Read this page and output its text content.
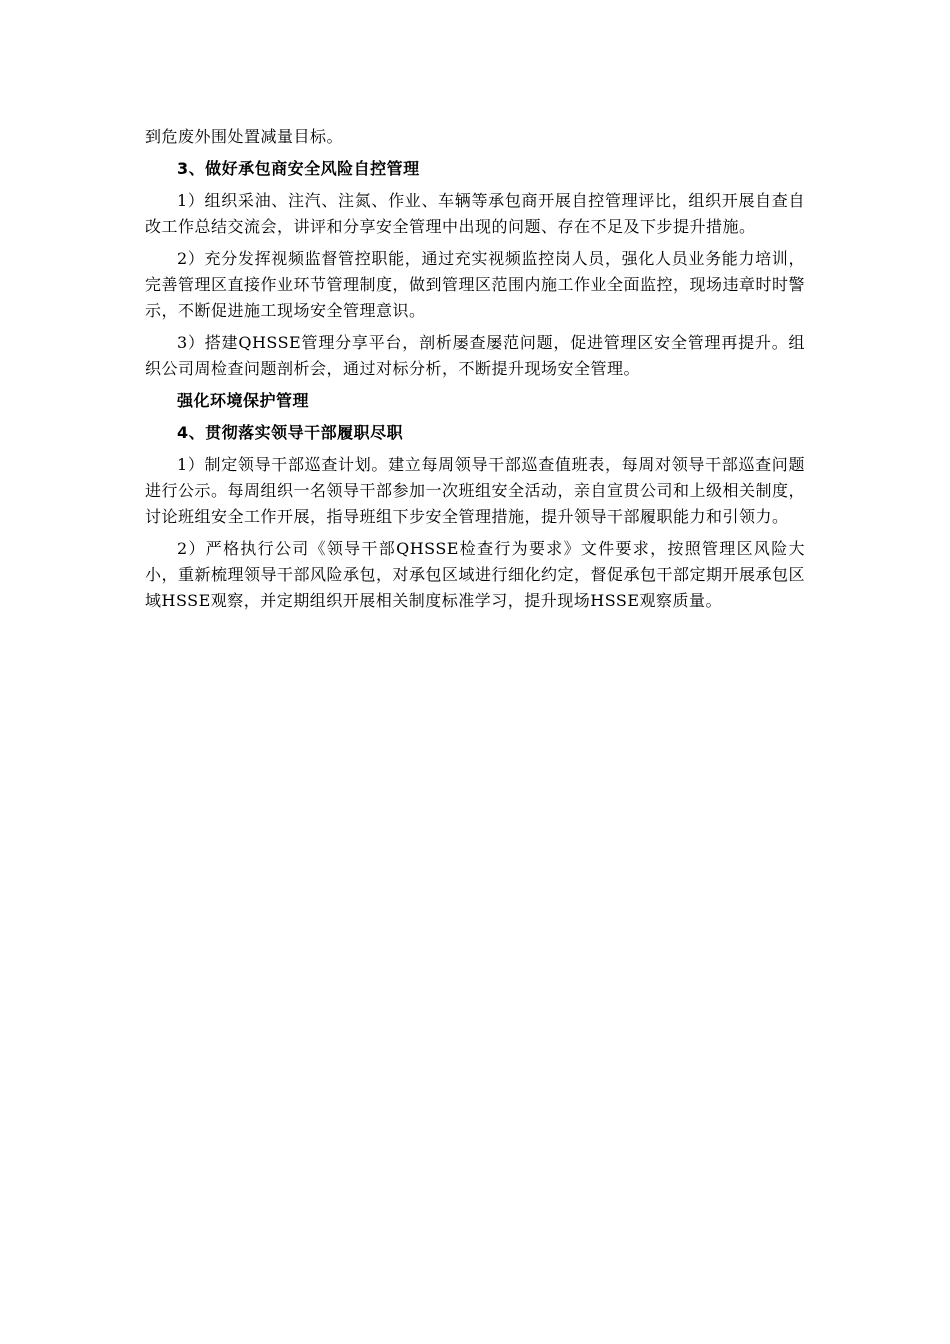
到危废外围处置减量目标。

3、做好承包商安全风险自控管理

1）组织采油、注汽、注氮、作业、车辆等承包商开展自控管理评比，组织开展自查自改工作总结交流会，讲评和分享安全管理中出现的问题、存在不足及下步提升措施。

2）充分发挥视频监督管控职能，通过充实视频监控岗人员，强化人员业务能力培训，完善管理区直接作业环节管理制度，做到管理区范围内施工作业全面监控，现场违章时时警示，不断促进施工现场安全管理意识。

3）搭建QHSSE管理分享平台，剖析屡查屡范问题，促进管理区安全管理再提升。组织公司周检查问题剖析会，通过对标分析，不断提升现场安全管理。

强化环境保护管理

4、贯彻落实领导干部履职尽职

1）制定领导干部巡查计划。建立每周领导干部巡查值班表，每周对领导干部巡查问题进行公示。每周组织一名领导干部参加一次班组安全活动，亲自宣贯公司和上级相关制度，讨论班组安全工作开展，指导班组下步安全管理措施，提升领导干部履职能力和引领力。

2）严格执行公司《领导干部QHSSE检查行为要求》文件要求，按照管理区风险大小，重新梳理领导干部风险承包，对承包区域进行细化约定，督促承包干部定期开展承包区域HSSE观察，并定期组织开展相关制度标准学习，提升现场HSSE观察质量。
